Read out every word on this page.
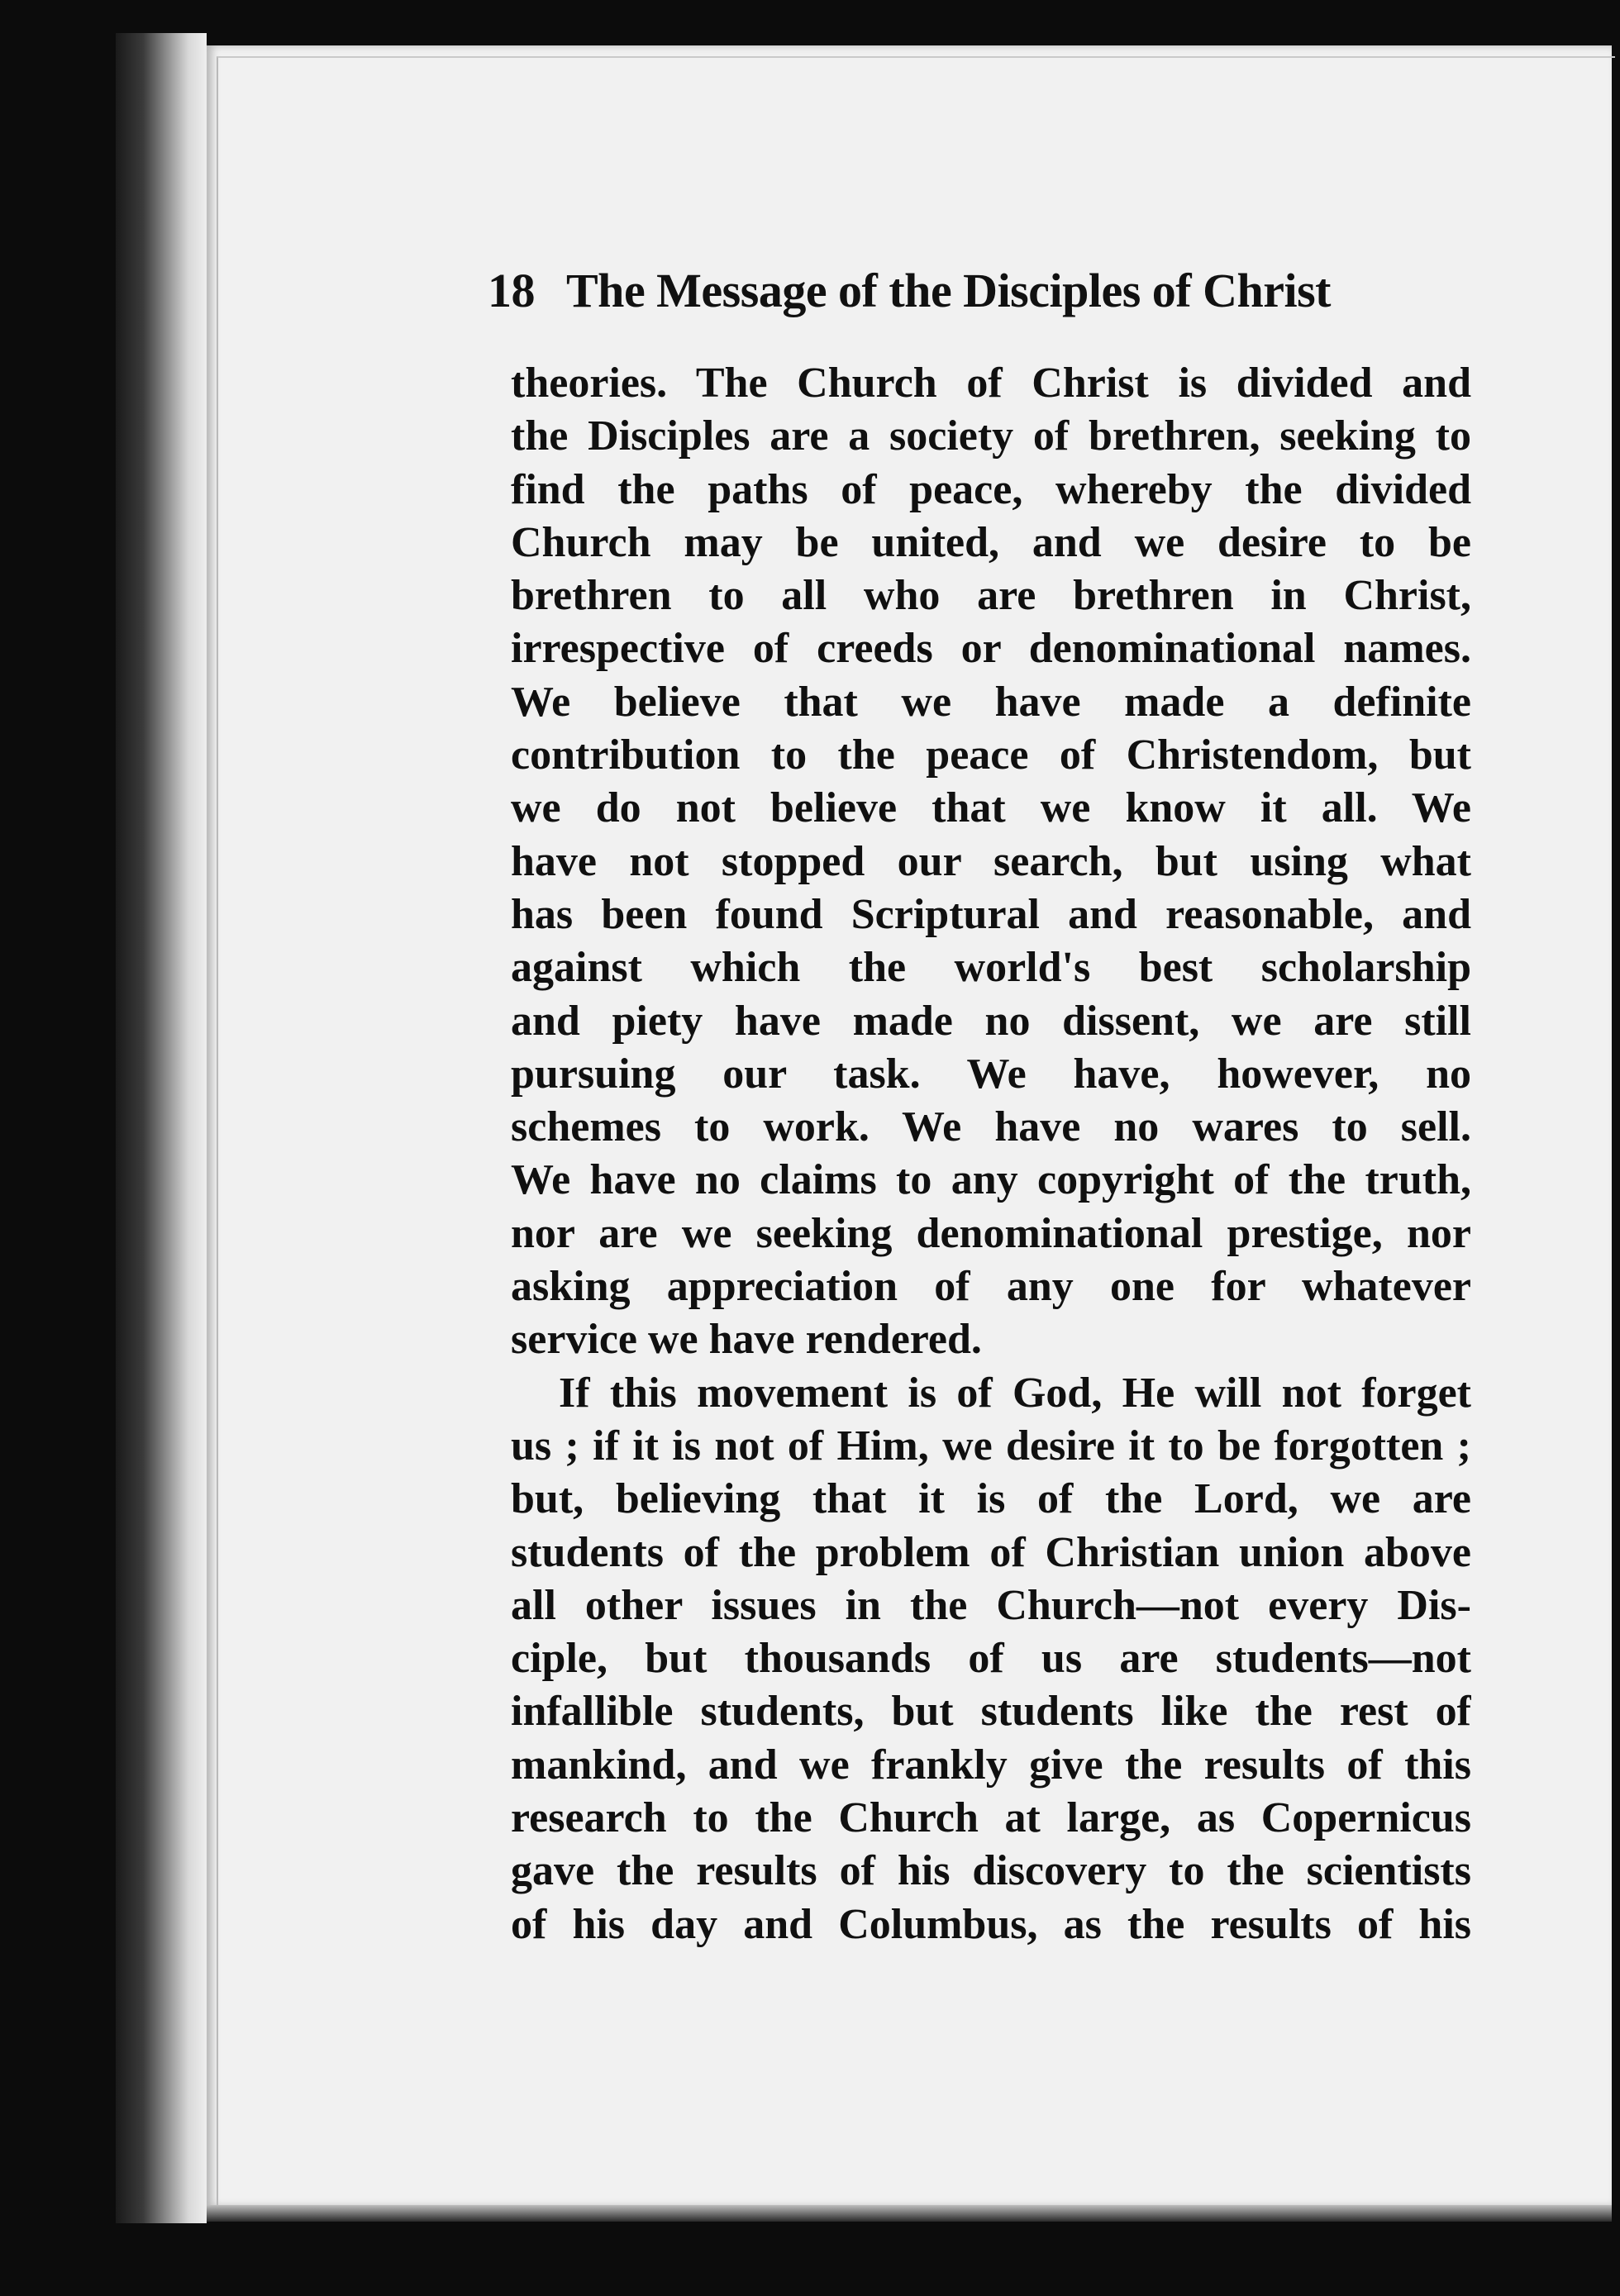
18 The Message of the Disciples of Christ
theories. The Church of Christ is divided and
the Disciples are a society of brethren, seeking to
find the paths of peace, whereby the divided
Church may be united, and we desire to be
brethren to all who are brethren in Christ,
irrespective of creeds or denominational names.
We believe that we have made a definite
contribution to the peace of Christendom, but
we do not believe that we know it all. We
have not stopped our search, but using what
has been found Scriptural and reasonable, and
against which the world's best scholarship
and piety have made no dissent, we are still
pursuing our task. We have, however, no
schemes to work. We have no wares to sell.
We have no claims to any copyright of the truth,
nor are we seeking denominational prestige, nor
asking appreciation of any one for whatever
service we have rendered.
If this movement is of God, He will not forget
us ; if it is not of Him, we desire it to be forgotten ;
but, believing that it is of the Lord, we are
students of the problem of Christian union above
all other issues in the Church—not every Dis-
ciple, but thousands of us are students—not
infallible students, but students like the rest of
mankind, and we frankly give the results of this
research to the Church at large, as Copernicus
gave the results of his discovery to the scientists
of his day and Columbus, as the results of his
